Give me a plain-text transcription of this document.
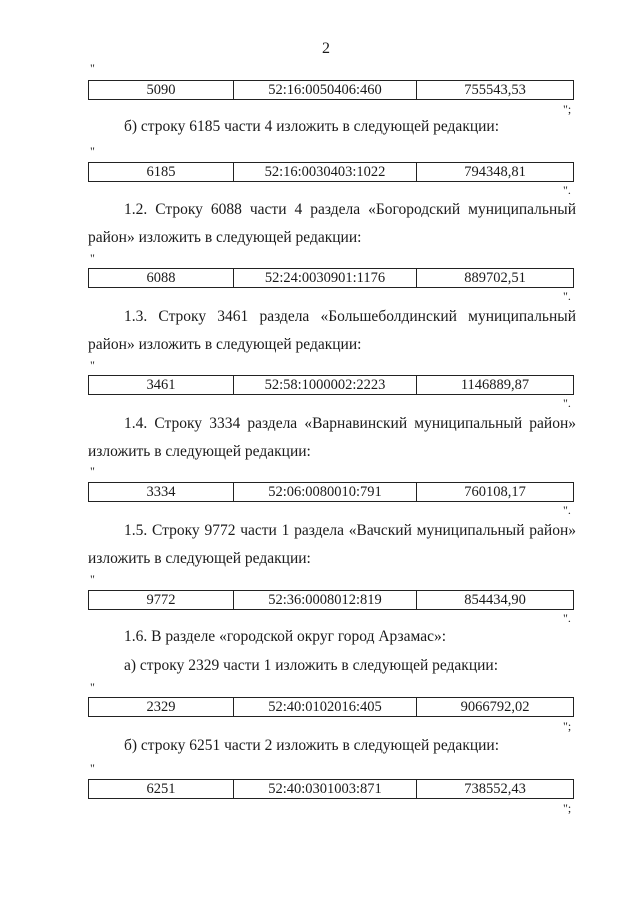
2
"
5090	52:16:0050406:460	755543,53
";
б) строку 6185 части 4 изложить в следующей редакции:
"
6185	52:16:0030403:1022	794348,81
".
1.2. Строку 6088 части 4 раздела «Богородский муниципальный
район» изложить в следующей редакции:
"
6088	52:24:0030901:1176	889702,51
".
1.3. Строку 3461 раздела «Большеболдинский муниципальный
район» изложить в следующей редакции:
"
3461	52:58:1000002:2223	1146889,87
".
1.4. Строку 3334 раздела «Варнавинский муниципальный район»
изложить в следующей редакции:
"
3334	52:06:0080010:791	760108,17
".
1.5. Строку 9772 части 1 раздела «Вачский муниципальный район»
изложить в следующей редакции:
"
9772	52:36:0008012:819	854434,90
".
1.6. В разделе «городской округ город Арзамас»:
а) строку 2329 части 1 изложить в следующей редакции:
"
2329	52:40:0102016:405	9066792,02
";
б) строку 6251 части 2 изложить в следующей редакции:
"
6251	52:40:0301003:871	738552,43
";
